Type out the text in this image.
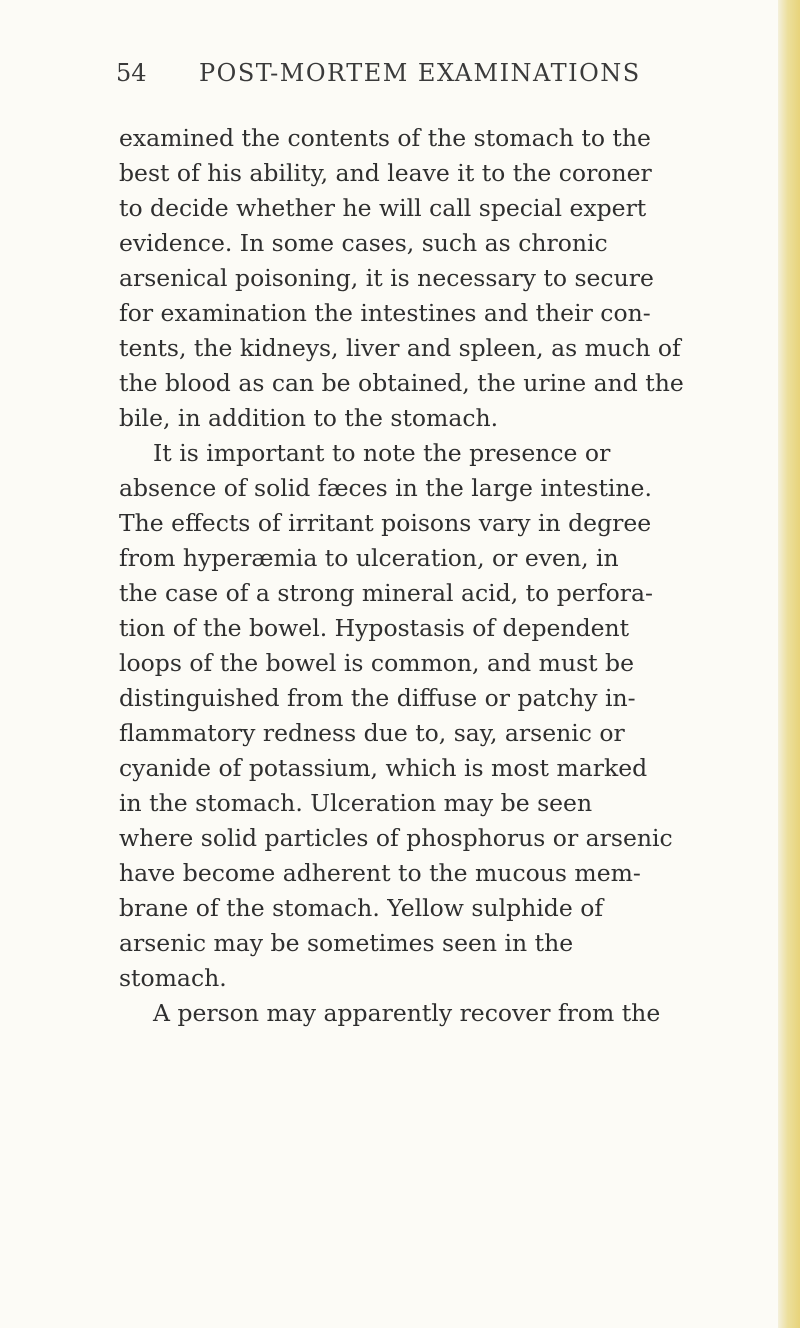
54 POST-MORTEM EXAMINATIONS
examined the contents of the stomach to the
best of his ability, and leave it to the coroner
to decide whether he will call special expert
evidence. In some cases, such as chronic
arsenical poisoning, it is necessary to secure
for examination the intestines and their con-
tents, the kidneys, liver and spleen, as much of
the blood as can be obtained, the urine and the
bile, in addition to the stomach.
It is important to note the presence or
absence of solid fæces in the large intestine.
The effects of irritant poisons vary in degree
from hyperæmia to ulceration, or even, in
the case of a strong mineral acid, to perfora-
tion of the bowel. Hypostasis of dependent
loops of the bowel is common, and must be
distinguished from the diffuse or patchy in-
flammatory redness due to, say, arsenic or
cyanide of potassium, which is most marked
in the stomach. Ulceration may be seen
where solid particles of phosphorus or arsenic
have become adherent to the mucous mem-
brane of the stomach. Yellow sulphide of
arsenic may be sometimes seen in the
stomach.
A person may apparently recover from the
